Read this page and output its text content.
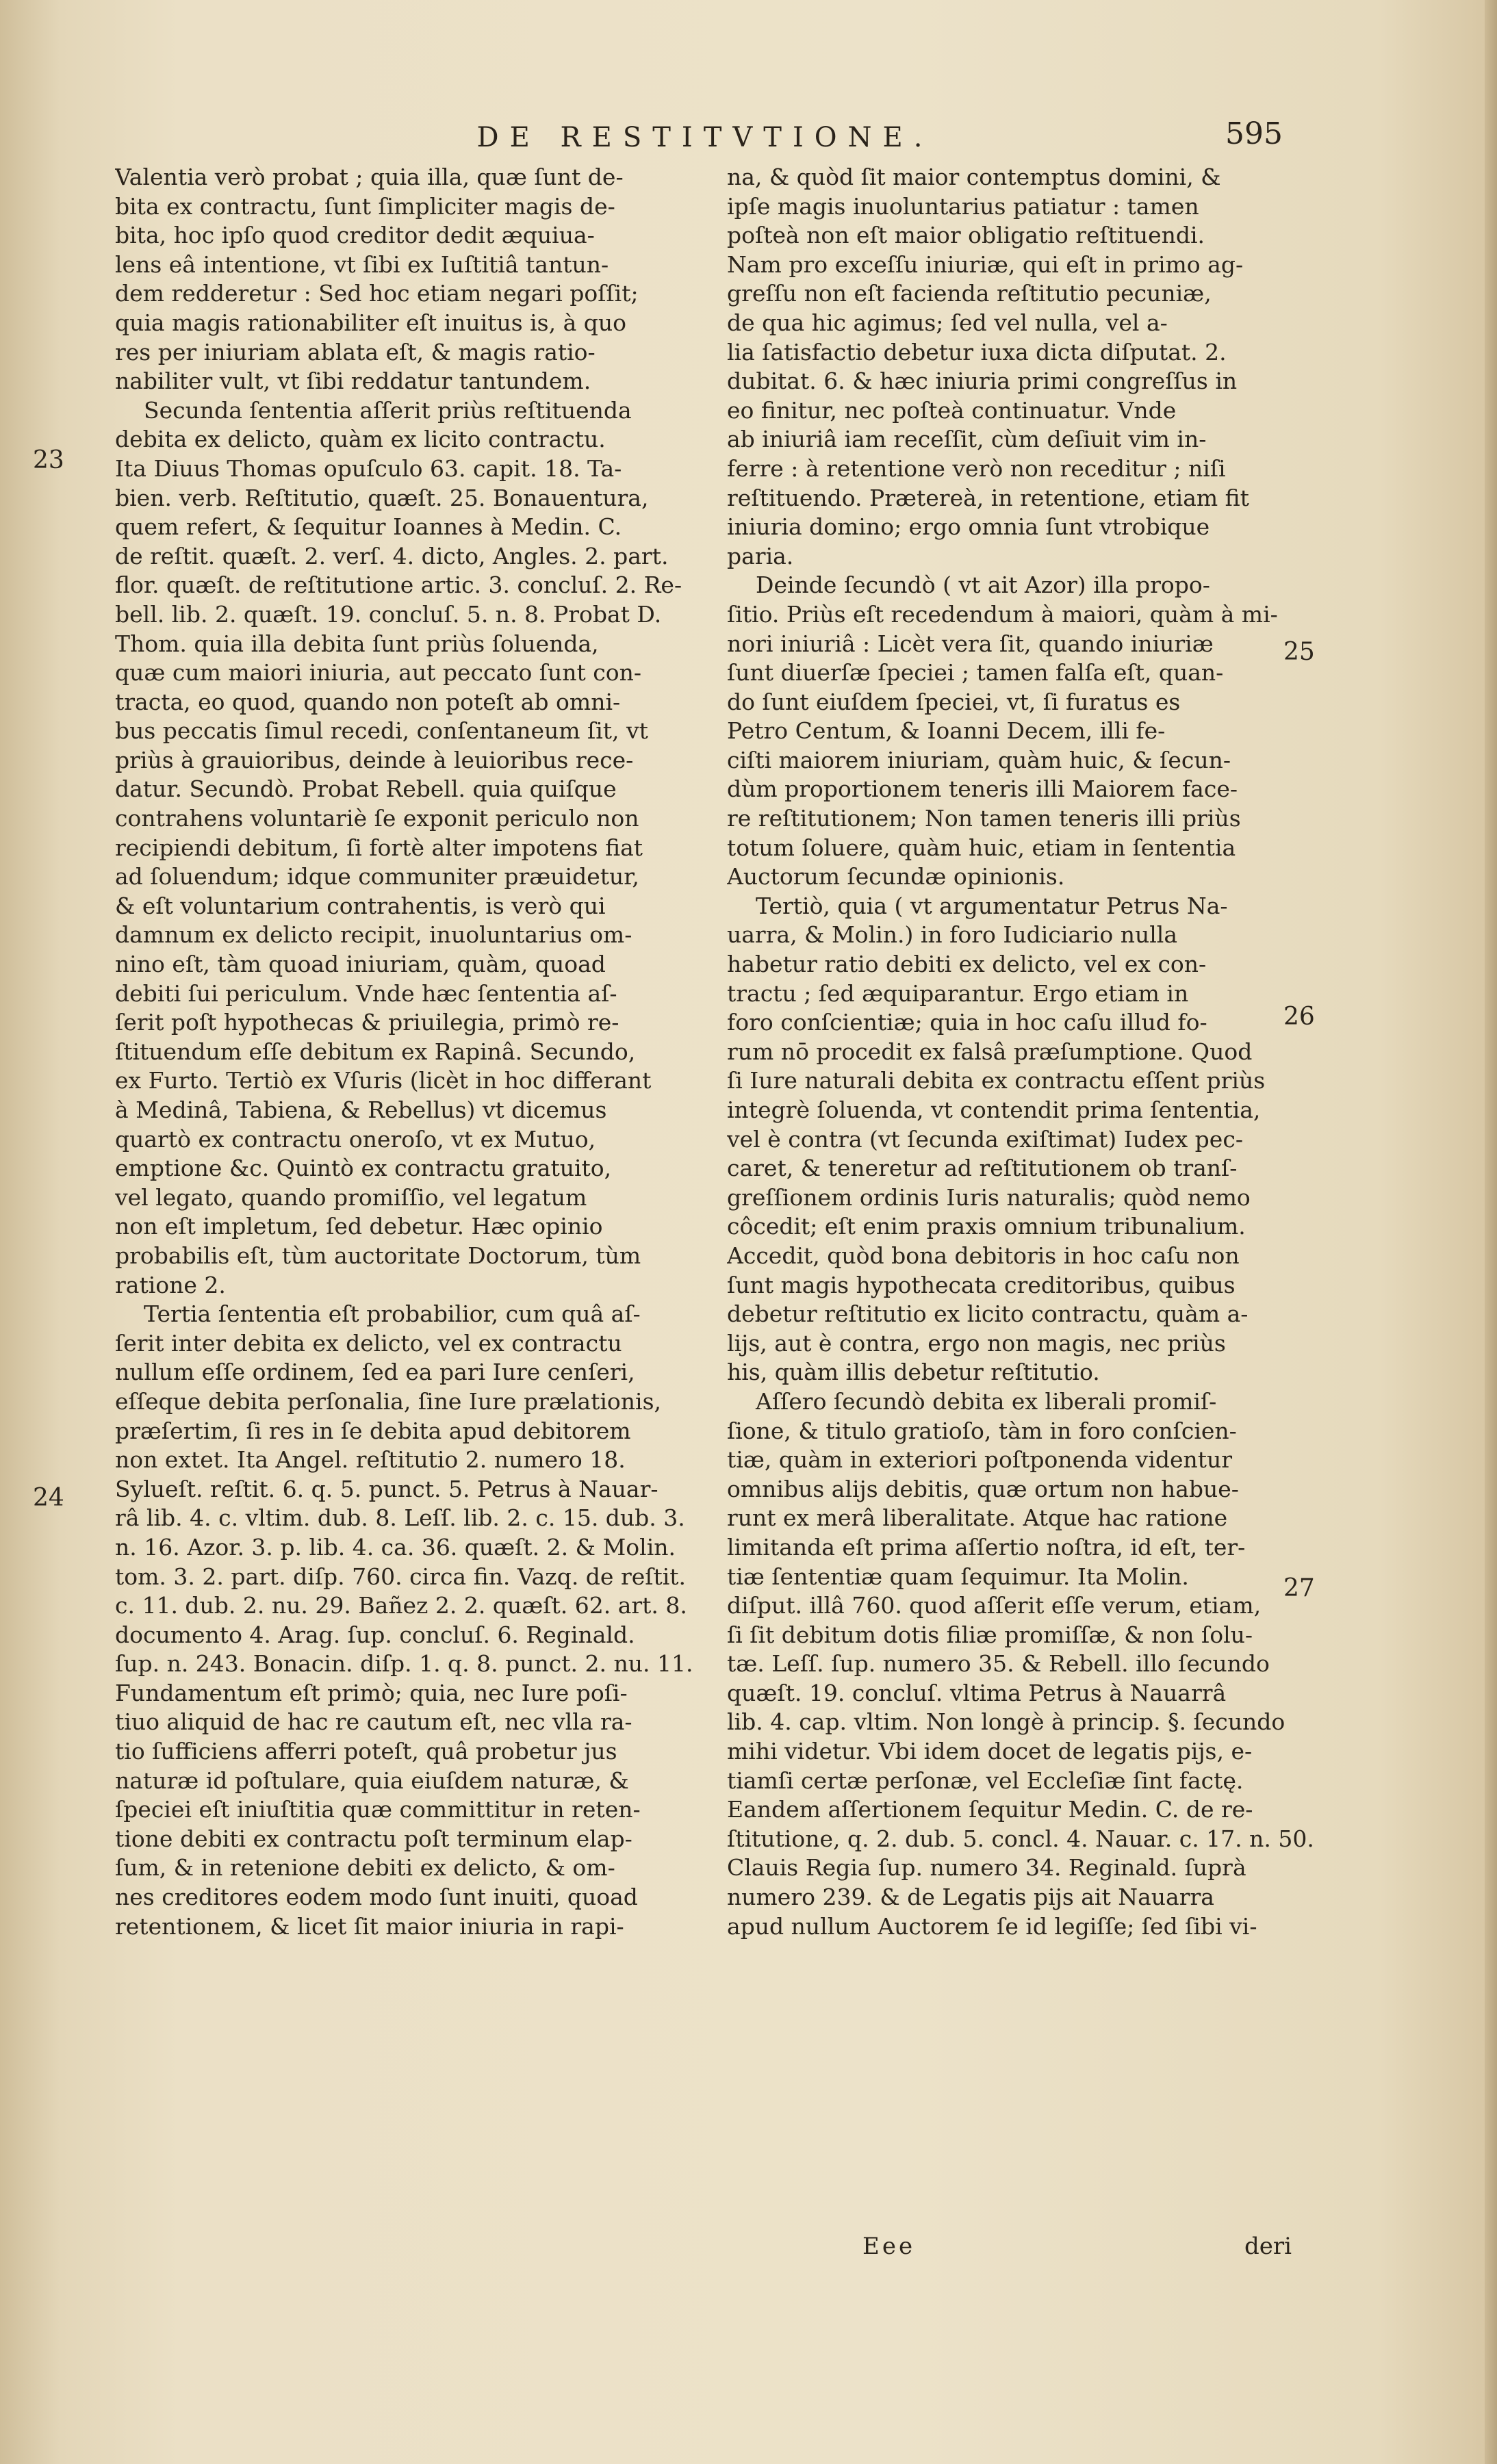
DE RESTITVTIONE.	595
23
24
25
26
27
Valentia verò probat ; quia illa, quæ ſunt de-
bita ex contractu, ſunt ſimpliciter magis de-
bita, hoc ipſo quod creditor dedit æquiua-
lens eâ intentione, vt ſibi ex Iuſtitiâ tantun-
dem redderetur : Sed hoc etiam negari poſſit;
quia magis rationabiliter eſt inuitus is, à quo
res per iniuriam ablata eſt, & magis ratio-
nabiliter vult, vt ſibi reddatur tantundem.
Secunda ſententia aſſerit priùs reſtituenda
debita ex delicto, quàm ex licito contractu.
Ita Diuus Thomas opuſculo 63. capit. 18. Ta-
bien. verb. Reſtitutio, quæſt. 25. Bonauentura,
quem refert, & ſequitur Ioannes à Medin. C.
de reſtit. quæſt. 2. verſ. 4. dicto, Angles. 2. part.
flor. quæſt. de reſtitutione artic. 3. concluſ. 2. Re-
bell. lib. 2. quæſt. 19. concluſ. 5. n. 8. Probat D.
Thom. quia illa debita ſunt priùs ſoluenda,
quæ cum maiori iniuria, aut peccato ſunt con-
tracta, eo quod, quando non poteſt ab omni-
bus peccatis ſimul recedi, conſentaneum ſit, vt
priùs à grauioribus, deinde à leuioribus rece-
datur. Secundò. Probat Rebell. quia quiſque
contrahens voluntariè ſe exponit periculo non
recipiendi debitum, ſi fortè alter impotens fiat
ad ſoluendum; idque communiter præuidetur,
& eſt voluntarium contrahentis, is verò qui
damnum ex delicto recipit, inuoluntarius om-
nino eſt, tàm quoad iniuriam, quàm, quoad
debiti ſui periculum. Vnde hæc ſententia aſ-
ſerit poſt hypothecas & priuilegia, primò re-
ſtituendum eſſe debitum ex Rapinâ. Secundo,
ex Furto. Tertiò ex Vſuris (licèt in hoc differant
à Medinâ, Tabiena, & Rebellus) vt dicemus
quartò ex contractu oneroſo, vt ex Mutuo,
emptione &c. Quintò ex contractu gratuito,
vel legato, quando promiſſio, vel legatum
non eſt impletum, ſed debetur. Hæc opinio
probabilis eſt, tùm auctoritate Doctorum, tùm
ratione 2.
Tertia ſententia eſt probabilior, cum quâ aſ-
ſerit inter debita ex delicto, vel ex contractu
nullum eſſe ordinem, ſed ea pari Iure cenſeri,
eſſeque debita perſonalia, ſine Iure prælationis,
præſertim, ſi res in ſe debita apud debitorem
non extet. Ita Angel. reſtitutio 2. numero 18.
Sylueſt. reſtit. 6. q. 5. punct. 5. Petrus à Nauar-
râ lib. 4. c. vltim. dub. 8. Leſſ. lib. 2. c. 15. dub. 3.
n. 16. Azor. 3. p. lib. 4. ca. 36. quæſt. 2. & Molin.
tom. 3. 2. part. diſp. 760. circa fin. Vazq. de reſtit.
c. 11. dub. 2. nu. 29. Bañez 2. 2. quæſt. 62. art. 8.
documento 4. Arag. ſup. concluſ. 6. Reginald.
ſup. n. 243. Bonacin. diſp. 1. q. 8. punct. 2. nu. 11.
Fundamentum eſt primò; quia, nec Iure poſi-
tiuo aliquid de hac re cautum eſt, nec vlla ra-
tio ſufficiens afferri poteſt, quâ probetur jus
naturæ id poſtulare, quia eiuſdem naturæ, &
ſpeciei eſt iniuſtitia quæ committitur in reten-
tione debiti ex contractu poſt terminum elap-
ſum, & in retenione debiti ex delicto, & om-
nes creditores eodem modo ſunt inuiti, quoad
retentionem, & licet ſit maior iniuria in rapi-
na, & quòd ſit maior contemptus domini, &
ipſe magis inuoluntarius patiatur : tamen
poſteà non eſt maior obligatio reſtituendi.
Nam pro exceſſu iniuriæ, qui eſt in primo ag-
greſſu non eſt facienda reſtitutio pecuniæ,
de qua hic agimus; ſed vel nulla, vel a-
lia ſatisfactio debetur iuxa dicta diſputat. 2.
dubitat. 6. & hæc iniuria primi congreſſus in
eo finitur, nec poſteà continuatur. Vnde
ab iniuriâ iam receſſit, cùm deſiuit vim in-
ferre : à retentione verò non receditur ; niſi
reſtituendo. Prætereà, in retentione, etiam fit
iniuria domino; ergo omnia ſunt vtrobique
paria.
Deinde ſecundò ( vt ait Azor) illa propo-
ſitio. Priùs eſt recedendum à maiori, quàm à mi-
nori iniuriâ : Licèt vera ſit, quando iniuriæ
ſunt diuerſæ ſpeciei ; tamen falſa eſt, quan-
do ſunt eiuſdem ſpeciei, vt, ſi furatus es
Petro Centum, & Ioanni Decem, illi fe-
ciſti maiorem iniuriam, quàm huic, & ſecun-
dùm proportionem teneris illi Maiorem face-
re reſtitutionem; Non tamen teneris illi priùs
totum ſoluere, quàm huic, etiam in ſententia
Auctorum ſecundæ opinionis.
Tertiò, quia ( vt argumentatur Petrus Na-
uarra, & Molin.) in foro Iudiciario nulla
habetur ratio debiti ex delicto, vel ex con-
tractu ; ſed æquiparantur. Ergo etiam in
foro conſcientiæ; quia in hoc caſu illud fo-
rum nō procedit ex falsâ præſumptione. Quod
ſi Iure naturali debita ex contractu eſſent priùs
integrè ſoluenda, vt contendit prima ſententia,
vel è contra (vt ſecunda exiſtimat) Iudex pec-
caret, & teneretur ad reſtitutionem ob tranſ-
greſſionem ordinis Iuris naturalis; quòd nemo
côcedit; eſt enim praxis omnium tribunalium.
Accedit, quòd bona debitoris in hoc caſu non
ſunt magis hypothecata creditoribus, quibus
debetur reſtitutio ex licito contractu, quàm a-
lijs, aut è contra, ergo non magis, nec priùs
his, quàm illis debetur reſtitutio.
Aſſero ſecundò debita ex liberali promiſ-
ſione, & titulo gratioſo, tàm in foro conſcien-
tiæ, quàm in exteriori poſtponenda videntur
omnibus alijs debitis, quæ ortum non habue-
runt ex merâ liberalitate. Atque hac ratione
limitanda eſt prima aſſertio noſtra, id eſt, ter-
tiæ ſententiæ quam ſequimur. Ita Molin.
diſput. illâ 760. quod aſſerit eſſe verum, etiam,
ſi ſit debitum dotis filiæ promiſſæ, & non ſolu-
tæ. Leſſ. ſup. numero 35. & Rebell. illo ſecundo
quæſt. 19. concluſ. vltima Petrus à Nauarrâ
lib. 4. cap. vltim. Non longè à princip. §. ſecundo
mihi videtur. Vbi idem docet de legatis pijs, e-
tiamſi certæ perſonæ, vel Eccleſiæ ſint factę.
Eandem aſſertionem ſequitur Medin. C. de re-
ſtitutione, q. 2. dub. 5. concl. 4. Nauar. c. 17. n. 50.
Clauis Regia ſup. numero 34. Reginald. ſuprà
numero 239. & de Legatis pijs ait Nauarra
apud nullum Auctorem ſe id legiſſe; ſed ſibi vi-
Eee	deri
